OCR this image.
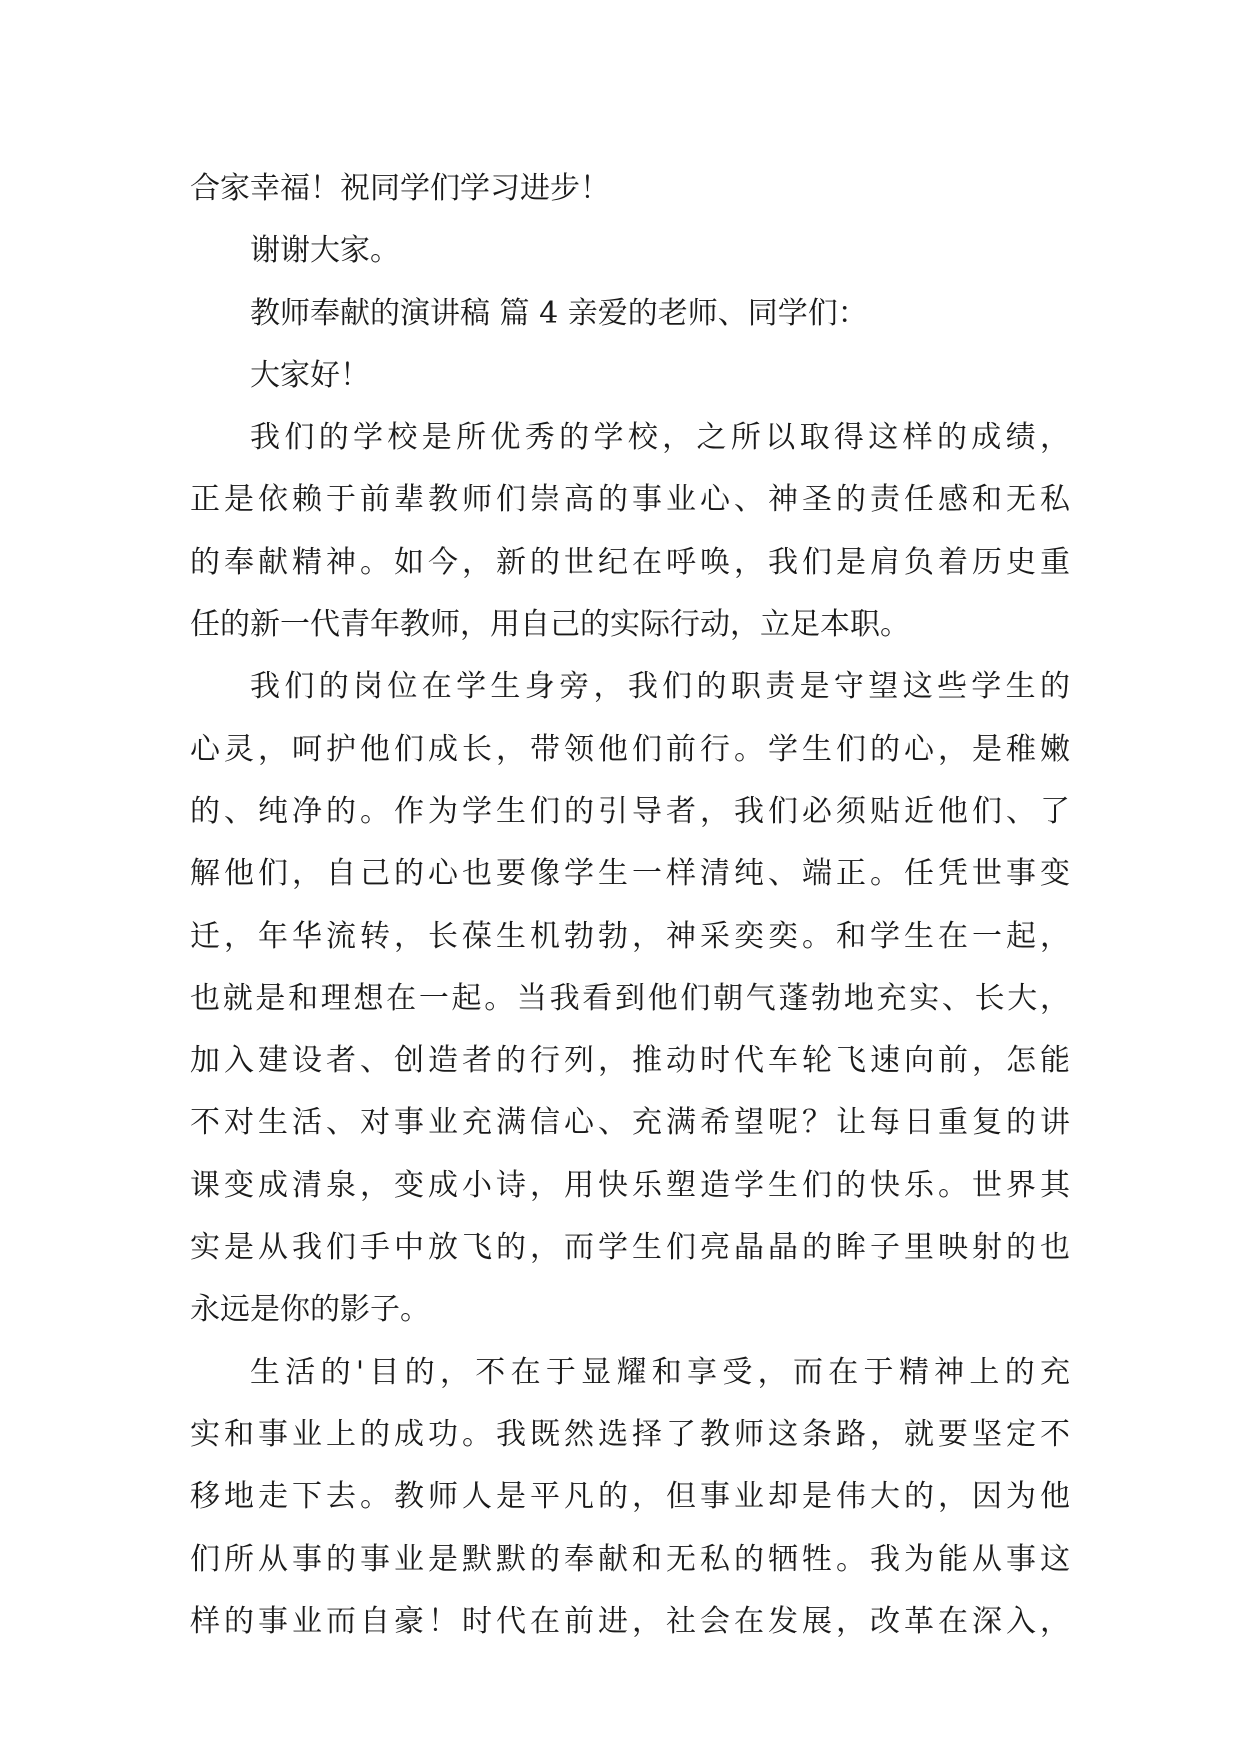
合家幸福！祝同学们学习进步！
谢谢大家。
教师奉献的演讲稿 篇 4 亲爱的老师、同学们：
大家好！
我们的学校是所优秀的学校，之所以取得这样的成绩，
正是依赖于前辈教师们崇高的事业心、神圣的责任感和无私
的奉献精神。如今，新的世纪在呼唤，我们是肩负着历史重
任的新一代青年教师，用自己的实际行动，立足本职。
我们的岗位在学生身旁，我们的职责是守望这些学生的
心灵，呵护他们成长，带领他们前行。学生们的心，是稚嫩
的、纯净的。作为学生们的引导者，我们必须贴近他们、了
解他们，自己的心也要像学生一样清纯、端正。任凭世事变
迁，年华流转，长葆生机勃勃，神采奕奕。和学生在一起，
也就是和理想在一起。当我看到他们朝气蓬勃地充实、长大，
加入建设者、创造者的行列，推动时代车轮飞速向前，怎能
不对生活、对事业充满信心、充满希望呢？让每日重复的讲
课变成清泉，变成小诗，用快乐塑造学生们的快乐。世界其
实是从我们手中放飞的，而学生们亮晶晶的眸子里映射的也
永远是你的影子。
生活的'目的，不在于显耀和享受，而在于精神上的充
实和事业上的成功。我既然选择了教师这条路，就要坚定不
移地走下去。教师人是平凡的，但事业却是伟大的，因为他
们所从事的事业是默默的奉献和无私的牺牲。我为能从事这
样的事业而自豪！时代在前进，社会在发展，改革在深入，
